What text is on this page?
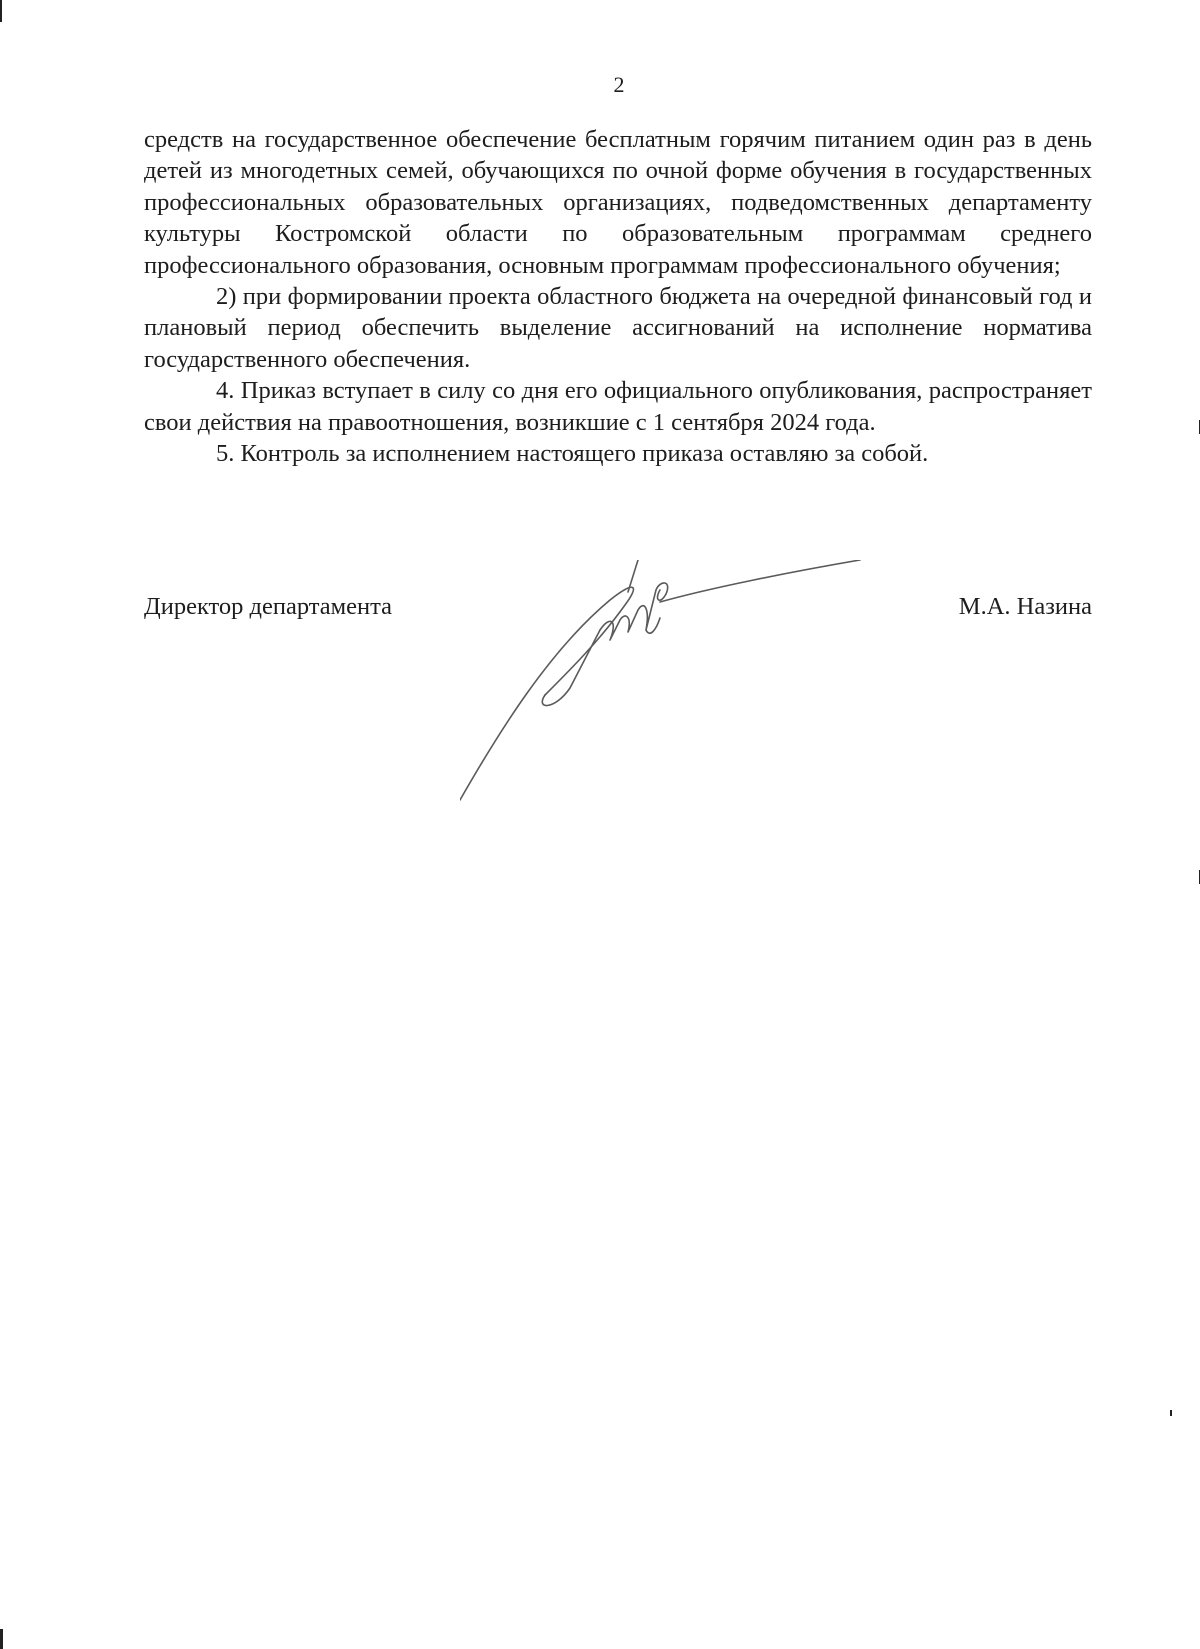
2

средств на государственное обеспечение бесплатным горячим питанием один раз в день детей из многодетных семей, обучающихся по очной форме обучения в государственных профессиональных образовательных организациях, подведомственных департаменту культуры Костромской области по образовательным программам среднего профессионального образования, основным программам профессионального обучения;

2) при формировании проекта областного бюджета на очередной финансовый год и плановый период обеспечить выделение ассигнований на исполнение норматива государственного обеспечения.

4. Приказ вступает в силу со дня его официального опубликования, распространяет свои действия на правоотношения, возникшие с 1 сентября 2024 года.

5. Контроль за исполнением настоящего приказа оставляю за собой.

Директор департамента	М.А. Назина
